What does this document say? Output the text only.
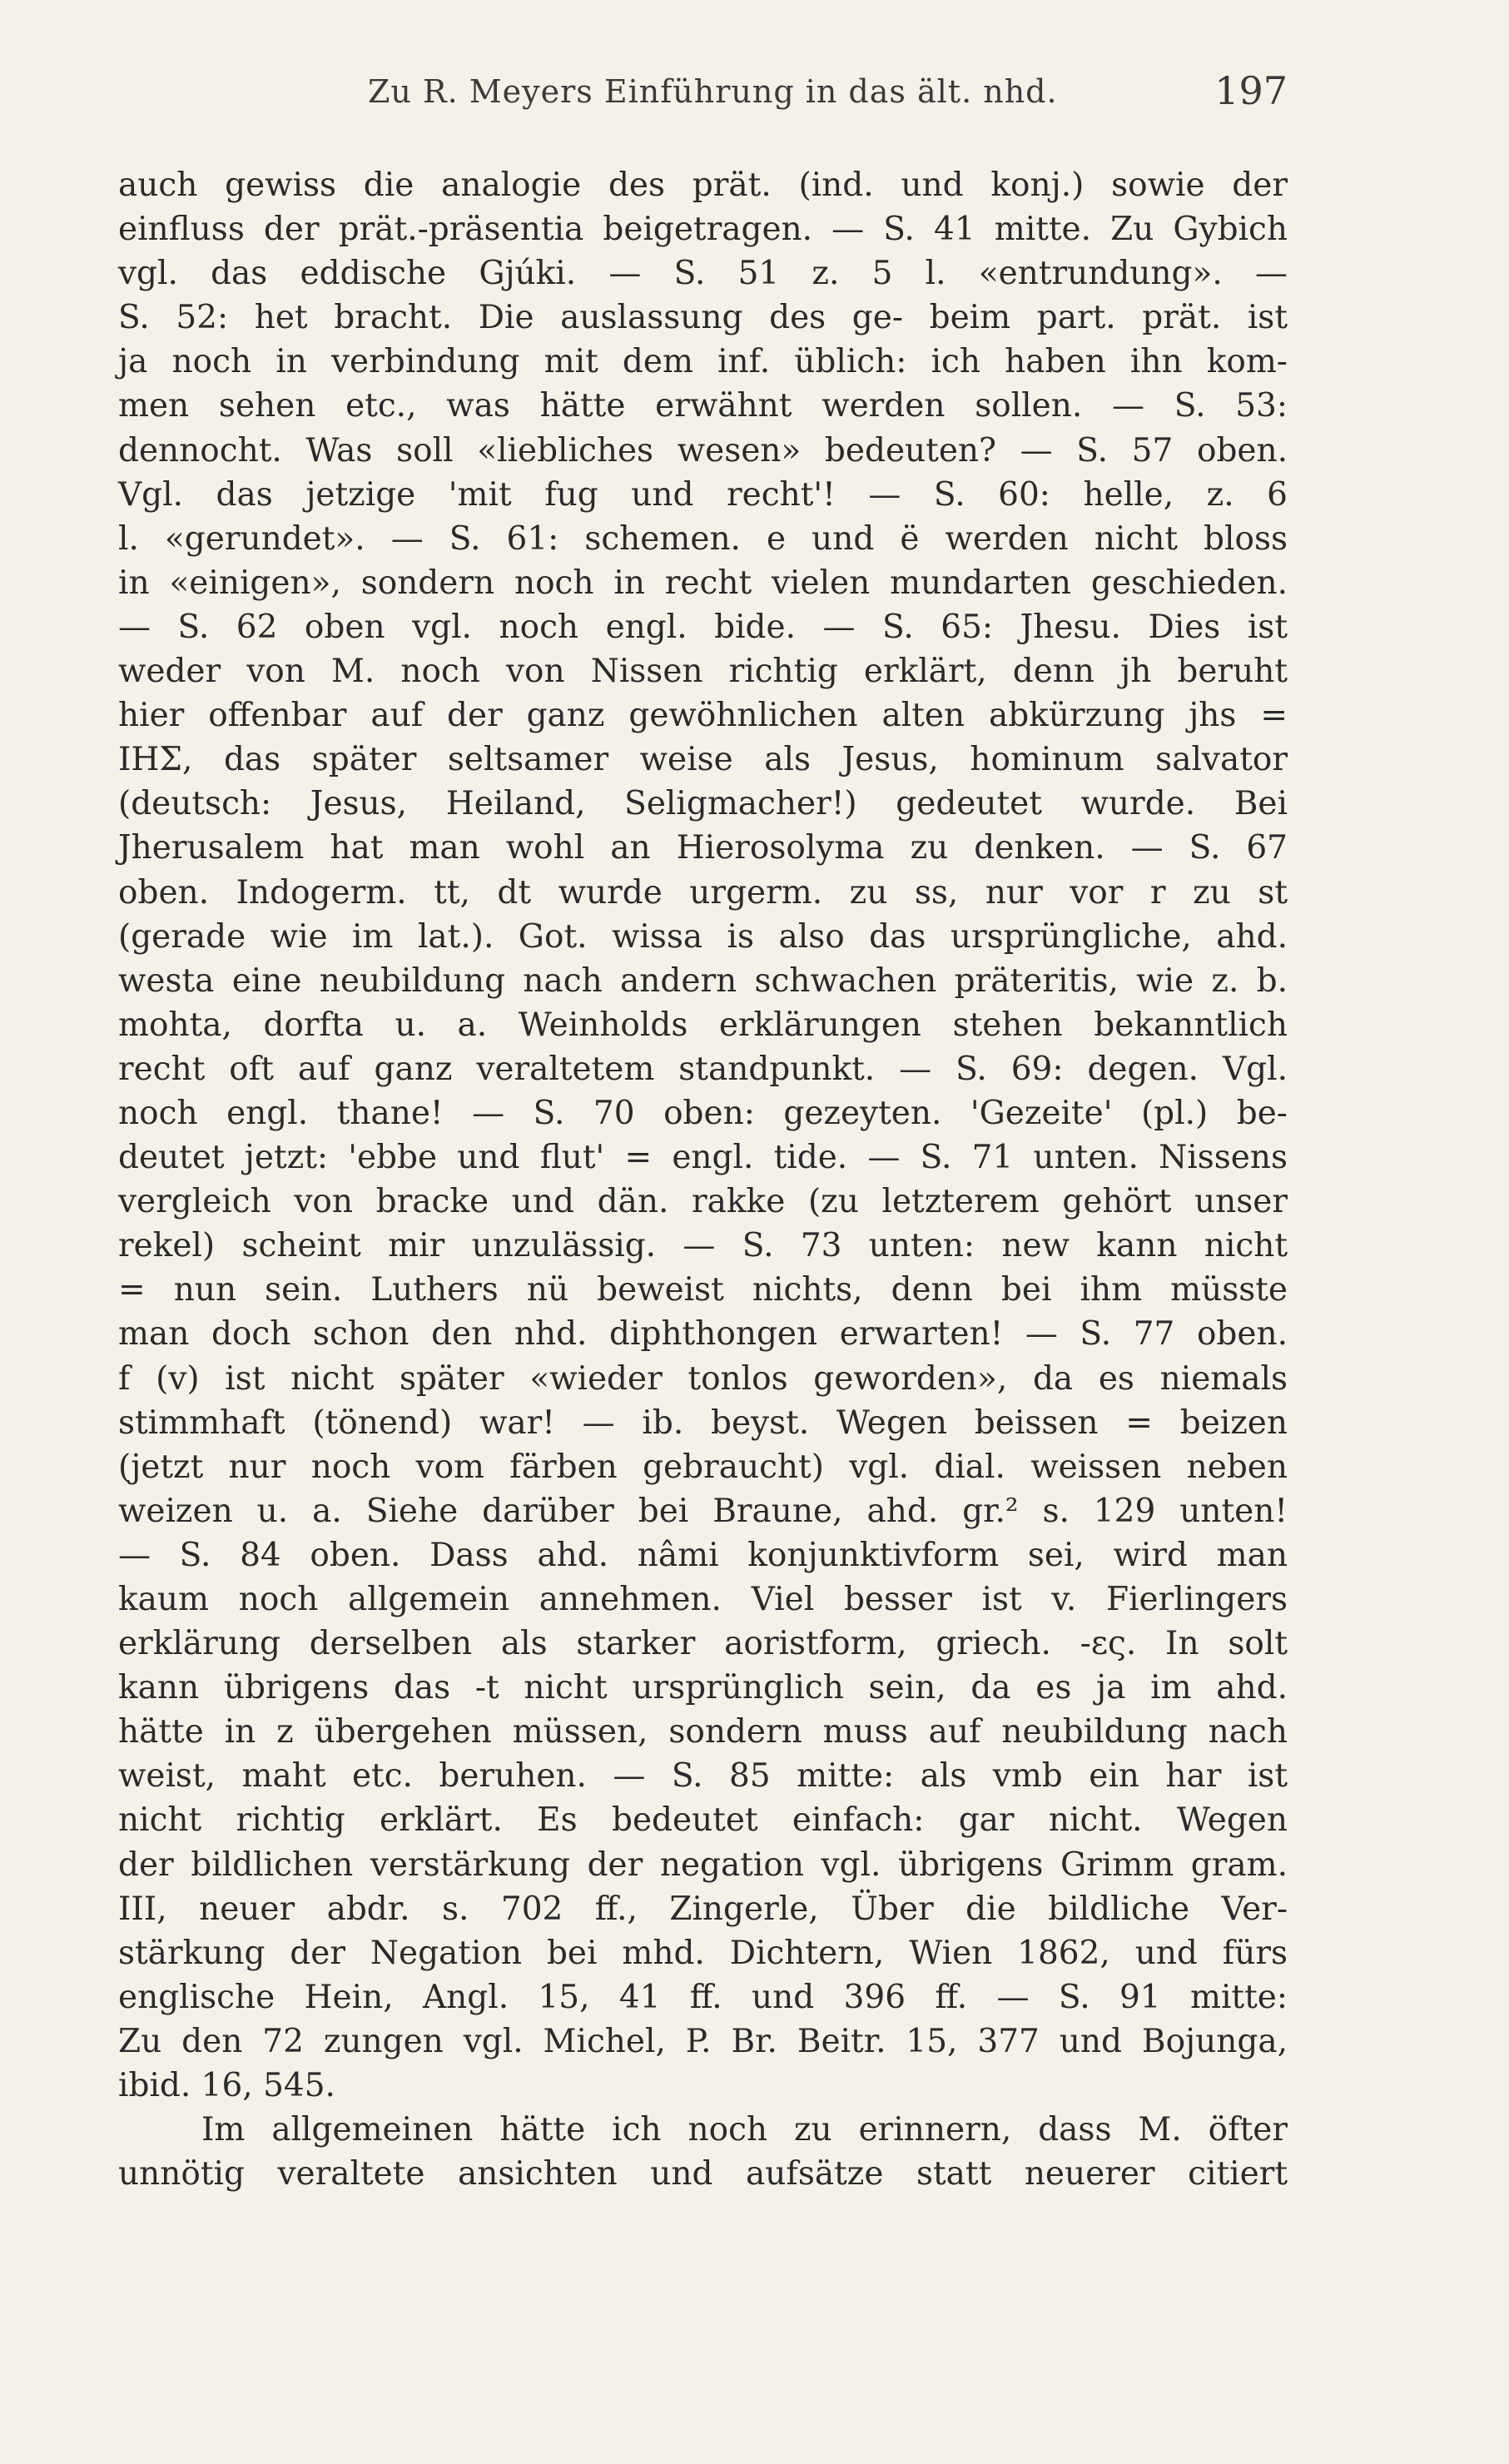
Zu R. Meyers Einführung in das ält. nhd.	197
auch gewiss die analogie des prät. (ind. und konj.) sowie der
einfluss der prät.-präsentia beigetragen. — S. 41 mitte. Zu Gybich
vgl. das eddische Gjúki. — S. 51 z. 5 l. «entrundung». —
S. 52: het bracht. Die auslassung des ge- beim part. prät. ist
ja noch in verbindung mit dem inf. üblich: ich haben ihn kom-
men sehen etc., was hätte erwähnt werden sollen. — S. 53:
dennocht. Was soll «liebliches wesen» bedeuten? — S. 57 oben.
Vgl. das jetzige 'mit fug und recht'! — S. 60: helle, z. 6
l. «gerundet». — S. 61: schemen. e und ë werden nicht bloss
in «einigen», sondern noch in recht vielen mundarten geschieden.
— S. 62 oben vgl. noch engl. bide. — S. 65: Jhesu. Dies ist
weder von M. noch von Nissen richtig erklärt, denn jh beruht
hier offenbar auf der ganz gewöhnlichen alten abkürzung jhs =
IHΣ, das später seltsamer weise als Jesus, hominum salvator
(deutsch: Jesus, Heiland, Seligmacher!) gedeutet wurde. Bei
Jherusalem hat man wohl an Hierosolyma zu denken. — S. 67
oben. Indogerm. tt, dt wurde urgerm. zu ss, nur vor r zu st
(gerade wie im lat.). Got. wissa is also das ursprüngliche, ahd.
westa eine neubildung nach andern schwachen präteritis, wie z. b.
mohta, dorfta u. a. Weinholds erklärungen stehen bekanntlich
recht oft auf ganz veraltetem standpunkt. — S. 69: degen. Vgl.
noch engl. thane! — S. 70 oben: gezeyten. 'Gezeite' (pl.) be-
deutet jetzt: 'ebbe und flut' = engl. tide. — S. 71 unten. Nissens
vergleich von bracke und dän. rakke (zu letzterem gehört unser
rekel) scheint mir unzulässig. — S. 73 unten: new kann nicht
= nun sein. Luthers nü beweist nichts, denn bei ihm müsste
man doch schon den nhd. diphthongen erwarten! — S. 77 oben.
f (v) ist nicht später «wieder tonlos geworden», da es niemals
stimmhaft (tönend) war! — ib. beyst. Wegen beissen = beizen
(jetzt nur noch vom färben gebraucht) vgl. dial. weissen neben
weizen u. a. Siehe darüber bei Braune, ahd. gr.² s. 129 unten!
— S. 84 oben. Dass ahd. nâmi konjunktivform sei, wird man
kaum noch allgemein annehmen. Viel besser ist v. Fierlingers
erklärung derselben als starker aoristform, griech. -ες. In solt
kann übrigens das -t nicht ursprünglich sein, da es ja im ahd.
hätte in z übergehen müssen, sondern muss auf neubildung nach
weist, maht etc. beruhen. — S. 85 mitte: als vmb ein har ist
nicht richtig erklärt. Es bedeutet einfach: gar nicht. Wegen
der bildlichen verstärkung der negation vgl. übrigens Grimm gram.
III, neuer abdr. s. 702 ff., Zingerle, Über die bildliche Ver-
stärkung der Negation bei mhd. Dichtern, Wien 1862, und fürs
englische Hein, Angl. 15, 41 ff. und 396 ff. — S. 91 mitte:
Zu den 72 zungen vgl. Michel, P. Br. Beitr. 15, 377 und Bojunga,
ibid. 16, 545.
Im allgemeinen hätte ich noch zu erinnern, dass M. öfter
unnötig veraltete ansichten und aufsätze statt neuerer citiert
